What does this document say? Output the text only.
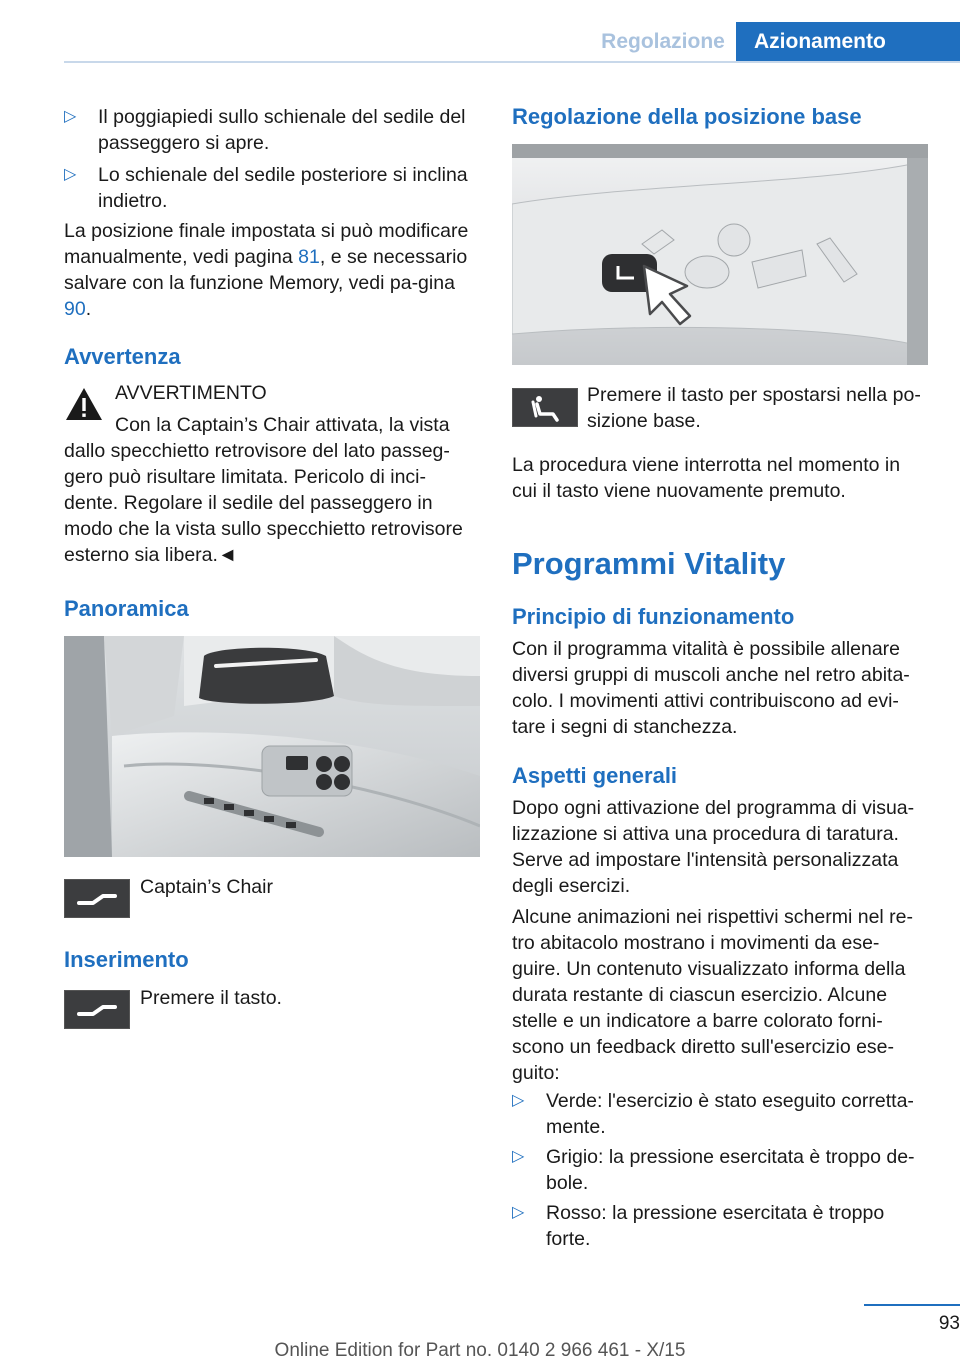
Regolazione	Azionamento
▷	Il poggiapiedi sullo schienale del sedile del passeggero si apre.
▷	Lo schienale del sedile posteriore si inclina indietro.
La posizione finale impostata si può modificare manualmente, vedi pagina 81, e se necessario salvare con la funzione Memory, vedi pa-gina 90.
Avvertenza
AVVERTIMENTO
Con la Captain’s Chair attivata, la vista dallo specchietto retrovisore del lato passeg-gero può risultare limitata. Pericolo di inci-dente. Regolare il sedile del passeggero in modo che la vista sullo specchietto retrovisore esterno sia libera.◄
Panoramica
Captain’s Chair
Inserimento
Premere il tasto.
Regolazione della posizione base
Premere il tasto per spostarsi nella po-sizione base.
La procedura viene interrotta nel momento in cui il tasto viene nuovamente premuto.
Programmi Vitality
Principio di funzionamento
Con il programma vitalità è possibile allenare diversi gruppi di muscoli anche nel retro abita-colo. I movimenti attivi contribuiscono ad evi-tare i segni di stanchezza.
Aspetti generali
Dopo ogni attivazione del programma di visua-lizzazione si attiva una procedura di taratura. Serve ad impostare l'intensità personalizzata degli esercizi.
Alcune animazioni nei rispettivi schermi nel re-tro abitacolo mostrano i movimenti da ese-guire. Un contenuto visualizzato informa della durata restante di ciascun esercizio. Alcune stelle e un indicatore a barre colorato forni-scono un feedback diretto sull'esercizio ese-guito:
▷	Verde: l'esercizio è stato eseguito corretta-mente.
▷	Grigio: la pressione esercitata è troppo de-bole.
▷	Rosso: la pressione esercitata è troppo forte.
93
Online Edition for Part no. 0140 2 966 461 - X/15
